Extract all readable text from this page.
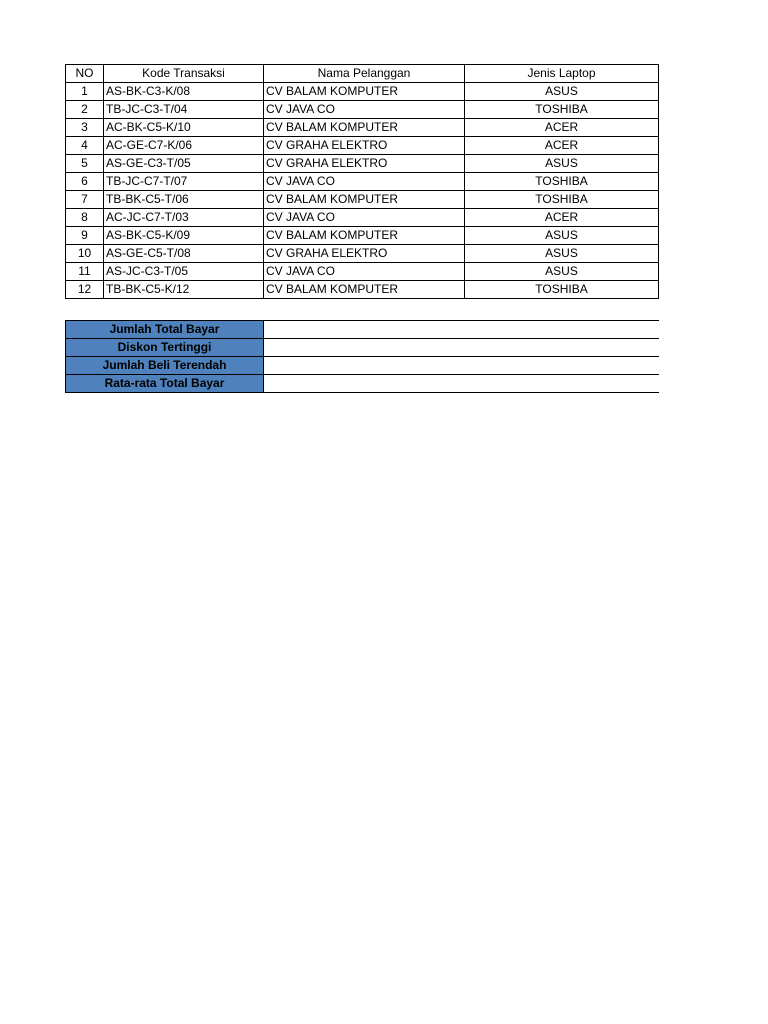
NO	Kode Transaksi	Nama Pelanggan	Jenis Laptop
1	AS-BK-C3-K/08	CV BALAM KOMPUTER	ASUS
2	TB-JC-C3-T/04	CV JAVA CO	TOSHIBA
3	AC-BK-C5-K/10	CV BALAM KOMPUTER	ACER
4	AC-GE-C7-K/06	CV GRAHA ELEKTRO	ACER
5	AS-GE-C3-T/05	CV GRAHA ELEKTRO	ASUS
6	TB-JC-C7-T/07	CV JAVA CO	TOSHIBA
7	TB-BK-C5-T/06	CV BALAM KOMPUTER	TOSHIBA
8	AC-JC-C7-T/03	CV JAVA CO	ACER
9	AS-BK-C5-K/09	CV BALAM KOMPUTER	ASUS
10	AS-GE-C5-T/08	CV GRAHA ELEKTRO	ASUS
11	AS-JC-C3-T/05	CV JAVA CO	ASUS
12	TB-BK-C5-K/12	CV BALAM KOMPUTER	TOSHIBA
Jumlah Total Bayar	
Diskon Tertinggi	
Jumlah Beli Terendah	
Rata-rata Total Bayar	
